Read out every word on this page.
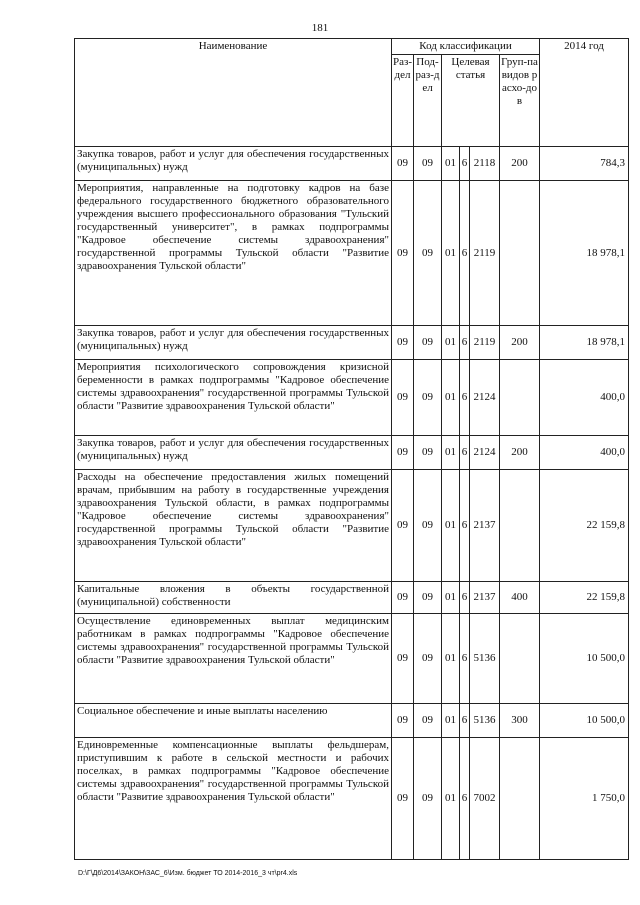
181
Наименование	Код классификации						2014 год
	Раз-дел	Под-раз-дел	Целевая статья			Груп-па видов расхо-дов	
Закупка товаров, работ и услуг для обеспечения государственных (муниципальных) нужд	09	09	01	6	2118	200	784,3
Мероприятия, направленные на подготовку кадров на базе федерального государственного бюджетного образовательного учреждения высшего профессионального образования "Тульский государственный университет", в рамках подпрограммы "Кадровое обеспечение системы здравоохранения" государственной программы Тульской области "Развитие здравоохранения Тульской области"	09	09	01	6	2119		18 978,1
Закупка товаров, работ и услуг для обеспечения государственных (муниципальных) нужд	09	09	01	6	2119	200	18 978,1
Мероприятия психологического сопровождения кризисной беременности в рамках подпрограммы "Кадровое обеспечение системы здравоохранения" государственной программы Тульской области "Развитие здравоохранения Тульской области"	09	09	01	6	2124		400,0
Закупка товаров, работ и услуг для обеспечения государственных (муниципальных) нужд	09	09	01	6	2124	200	400,0
Расходы на обеспечение предоставления жилых помещений врачам, прибывшим на работу в государственные учреждения здравоохранения Тульской области, в рамках подпрограммы "Кадровое обеспечение системы здравоохранения" государственной программы Тульской области "Развитие здравоохранения Тульской области"	09	09	01	6	2137		22 159,8
Капитальные вложения в объекты государственной (муниципальной) собственности	09	09	01	6	2137	400	22 159,8
Осуществление единовременных выплат медицинским работникам в рамках подпрограммы "Кадровое обеспечение системы здравоохранения" государственной программы Тульской области "Развитие здравоохранения Тульской области"	09	09	01	6	5136		10 500,0
Социальное обеспечение и иные выплаты населению	09	09	01	6	5136	300	10 500,0
Единовременные компенсационные выплаты фельдшерам, приступившим к работе в сельской местности и рабочих поселках, в рамках подпрограммы "Кадровое обеспечение системы здравоохранения" государственной программы Тульской области "Развитие здравоохранения Тульской области"	09	09	01	6	7002		1 750,0
D:\Г\Д6\2014\ЗАКОН\ЗАС_6\Изм. бюджет ТО 2014-2016_3 чт\pr4.xls
